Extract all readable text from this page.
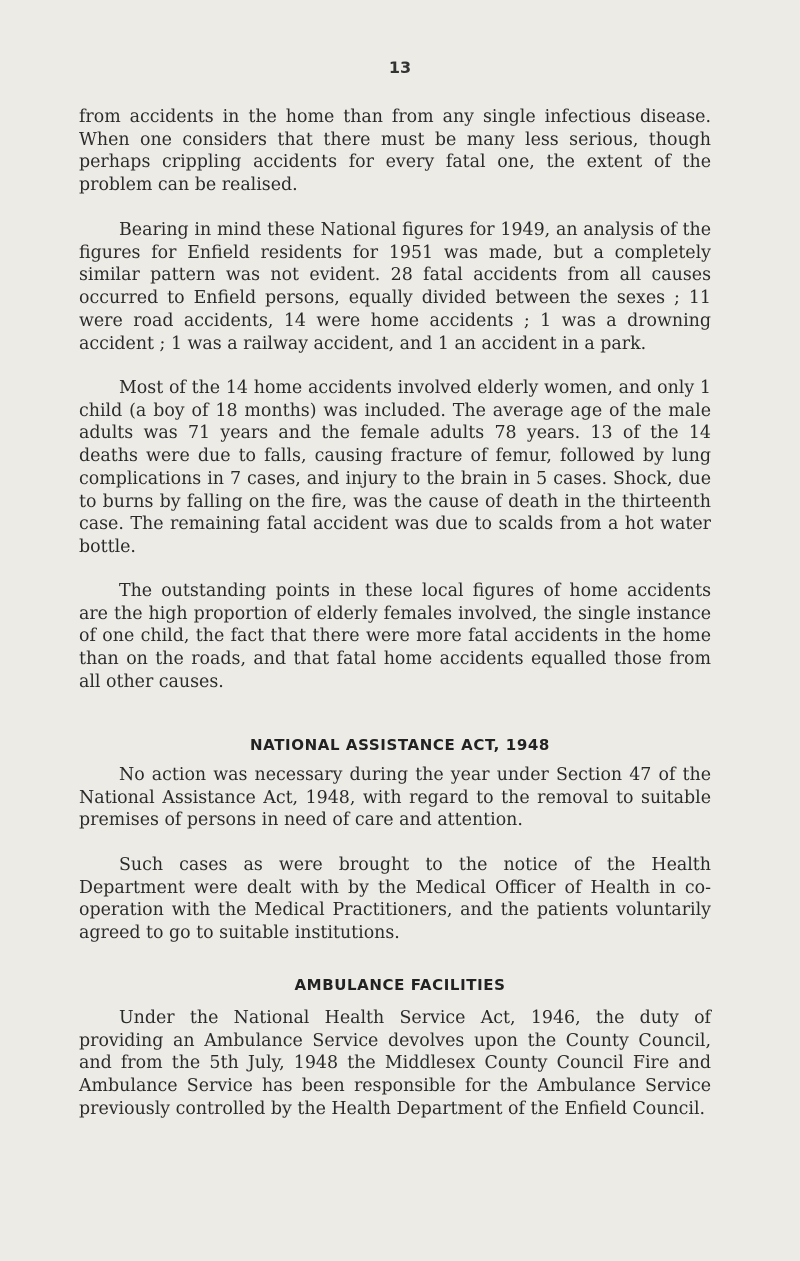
13

from accidents in the home than from any single infectious disease. When one considers that there must be many less serious, though perhaps crippling accidents for every fatal one, the extent of the problem can be realised.

Bearing in mind these National figures for 1949, an analysis of the figures for Enfield residents for 1951 was made, but a completely similar pattern was not evident. 28 fatal accidents from all causes occurred to Enfield persons, equally divided between the sexes ; 11 were road accidents, 14 were home accidents ; 1 was a drowning accident ; 1 was a railway accident, and 1 an accident in a park.

Most of the 14 home accidents involved elderly women, and only 1 child (a boy of 18 months) was included. The average age of the male adults was 71 years and the female adults 78 years. 13 of the 14 deaths were due to falls, causing fracture of femur, followed by lung complications in 7 cases, and injury to the brain in 5 cases. Shock, due to burns by falling on the fire, was the cause of death in the thirteenth case. The remaining fatal accident was due to scalds from a hot water bottle.

The outstanding points in these local figures of home accidents are the high proportion of elderly females involved, the single instance of one child, the fact that there were more fatal accidents in the home than on the roads, and that fatal home accidents equalled those from all other causes.

NATIONAL ASSISTANCE ACT, 1948

No action was necessary during the year under Section 47 of the National Assistance Act, 1948, with regard to the removal to suitable premises of persons in need of care and attention.

Such cases as were brought to the notice of the Health Department were dealt with by the Medical Officer of Health in co-operation with the Medical Practitioners, and the patients voluntarily agreed to go to suitable institutions.

AMBULANCE FACILITIES

Under the National Health Service Act, 1946, the duty of providing an Ambulance Service devolves upon the County Council, and from the 5th July, 1948 the Middlesex County Council Fire and Ambulance Service has been responsible for the Ambulance Service previously controlled by the Health Department of the Enfield Council.
